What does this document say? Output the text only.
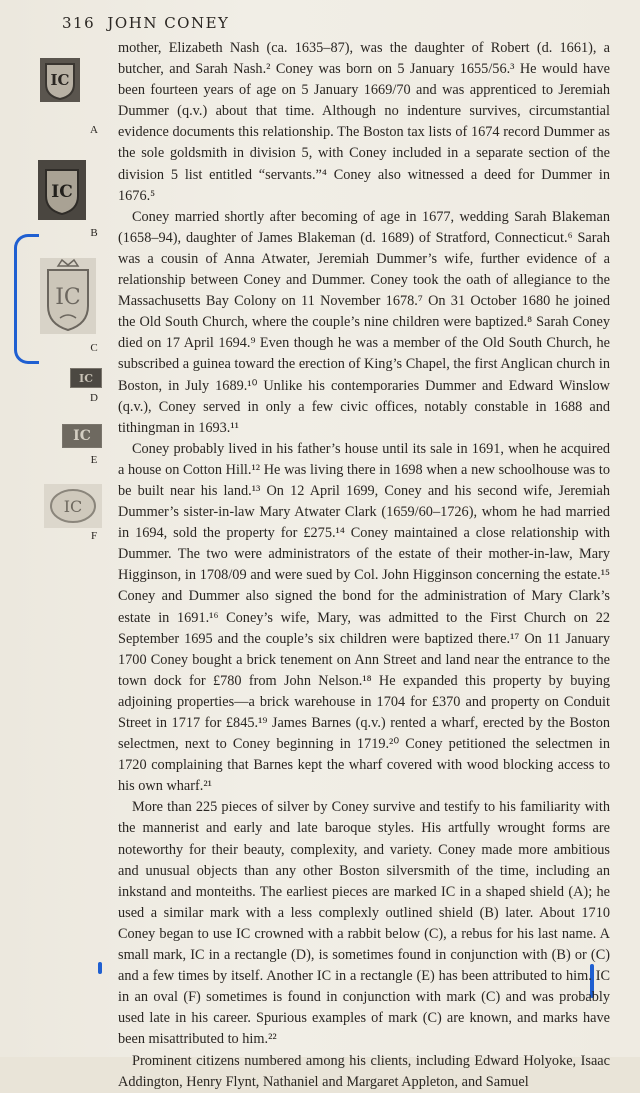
316 JOHN CONEY
IC
A
IC
B
IC
C
IC
D
IC
E
IC
F

mother, Elizabeth Nash (ca. 1635–87), was the daughter of Robert (d. 1661), a butcher, and Sarah Nash.² Coney was born on 5 January 1655/56.³ He would have been fourteen years of age on 5 January 1669/70 and was apprenticed to Jeremiah Dummer (q.v.) about that time. Although no indenture survives, circumstantial evidence documents this relationship. The Boston tax lists of 1674 record Dummer as the sole goldsmith in division 5, with Coney included in a separate section of the division 5 list entitled “servants.”⁴ Coney also witnessed a deed for Dummer in 1676.⁵

Coney married shortly after becoming of age in 1677, wedding Sarah Blakeman (1658–94), daughter of James Blakeman (d. 1689) of Stratford, Connecticut.⁶ Sarah was a cousin of Anna Atwater, Jeremiah Dummer’s wife, further evidence of a relationship between Coney and Dummer. Coney took the oath of allegiance to the Massachusetts Bay Colony on 11 November 1678.⁷ On 31 October 1680 he joined the Old South Church, where the couple’s nine children were baptized.⁸ Sarah Coney died on 17 April 1694.⁹ Even though he was a member of the Old South Church, he subscribed a guinea toward the erection of King’s Chapel, the first Anglican church in Boston, in July 1689.¹⁰ Unlike his contemporaries Dummer and Edward Winslow (q.v.), Coney served in only a few civic offices, notably constable in 1688 and tithingman in 1693.¹¹

Coney probably lived in his father’s house until its sale in 1691, when he acquired a house on Cotton Hill.¹² He was living there in 1698 when a new schoolhouse was to be built near his land.¹³ On 12 April 1699, Coney and his second wife, Jeremiah Dummer’s sister-in-law Mary Atwater Clark (1659/60–1726), whom he had married in 1694, sold the property for £275.¹⁴ Coney maintained a close relationship with Dummer. The two were administrators of the estate of their mother-in-law, Mary Higginson, in 1708/09 and were sued by Col. John Higginson concerning the estate.¹⁵ Coney and Dummer also signed the bond for the administration of Mary Clark’s estate in 1691.¹⁶ Coney’s wife, Mary, was admitted to the First Church on 22 September 1695 and the couple’s six children were baptized there.¹⁷ On 11 January 1700 Coney bought a brick tenement on Ann Street and land near the entrance to the town dock for £780 from John Nelson.¹⁸ He expanded this property by buying adjoining properties—a brick warehouse in 1704 for £370 and property on Conduit Street in 1717 for £845.¹⁹ James Barnes (q.v.) rented a wharf, erected by the Boston selectmen, next to Coney beginning in 1719.²⁰ Coney petitioned the selectmen in 1720 complaining that Barnes kept the wharf covered with wood blocking access to his own wharf.²¹

More than 225 pieces of silver by Coney survive and testify to his familiarity with the mannerist and early and late baroque styles. His artfully wrought forms are noteworthy for their beauty, complexity, and variety. Coney made more ambitious and unusual objects than any other Boston silversmith of the time, including an inkstand and monteiths. The earliest pieces are marked IC in a shaped shield (A); he used a similar mark with a less complexly outlined shield (B) later. About 1710 Coney began to use IC crowned with a rabbit below (C), a rebus for his last name. A small mark, IC in a rectangle (D), is sometimes found in conjunction with (B) or (C) and a few times by itself. Another IC in a rectangle (E) has been attributed to him. IC in an oval (F) sometimes is found in conjunction with mark (C) and was probably used late in his career. Spurious examples of mark (C) are known, and marks have been misattributed to him.²²

Prominent citizens numbered among his clients, including Edward Holyoke, Isaac Addington, Henry Flynt, Nathaniel and Margaret Appleton, and Samuel
